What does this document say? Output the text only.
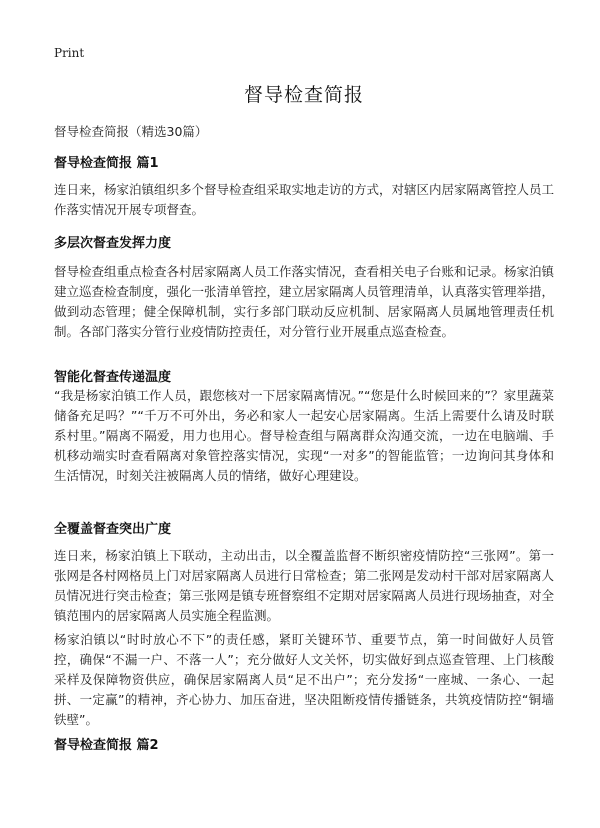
Print
督导检查简报
督导检查简报（精选30篇）
督导检查简报 篇1

连日来，杨家泊镇组织多个督导检查组采取实地走访的方式，对辖区内居家隔离管控人员工作落实情况开展专项督查。

多层次督查发挥力度

督导检查组重点检查各村居家隔离人员工作落实情况，查看相关电子台账和记录。杨家泊镇建立巡查检查制度，强化一张清单管控，建立居家隔离人员管理清单，认真落实管理举措，做到动态管理；健全保障机制，实行多部门联动反应机制、居家隔离人员属地管理责任机制。各部门落实分管行业疫情防控责任，对分管行业开展重点巡查检查。

智能化督查传递温度

“我是杨家泊镇工作人员，跟您核对一下居家隔离情况。”“您是什么时候回来的”？家里蔬菜储备充足吗？”“千万不可外出，务必和家人一起安心居家隔离。生活上需要什么请及时联系村里。”隔离不隔爱，用力也用心。督导检查组与隔离群众沟通交流，一边在电脑端、手机移动端实时查看隔离对象管控落实情况，实现“一对多”的智能监管；一边询问其身体和生活情况，时刻关注被隔离人员的情绪，做好心理建设。

全覆盖督查突出广度

连日来，杨家泊镇上下联动，主动出击，以全覆盖监督不断织密疫情防控“三张网”。第一张网是各村网格员上门对居家隔离人员进行日常检查；第二张网是发动村干部对居家隔离人员情况进行突击检查；第三张网是镇专班督察组不定期对居家隔离人员进行现场抽查，对全镇范围内的居家隔离人员实施全程监测。

杨家泊镇以“时时放心不下”的责任感，紧盯关键环节、重要节点，第一时间做好人员管控，确保“不漏一户、不落一人”；充分做好人文关怀，切实做好到点巡查管理、上门核酸采样及保障物资供应，确保居家隔离人员“足不出户”；充分发扬“一座城、一条心、一起拼、一定赢”的精神，齐心协力、加压奋进，坚决阻断疫情传播链条，共筑疫情防控“铜墙铁壁”。

督导检查简报 篇2
